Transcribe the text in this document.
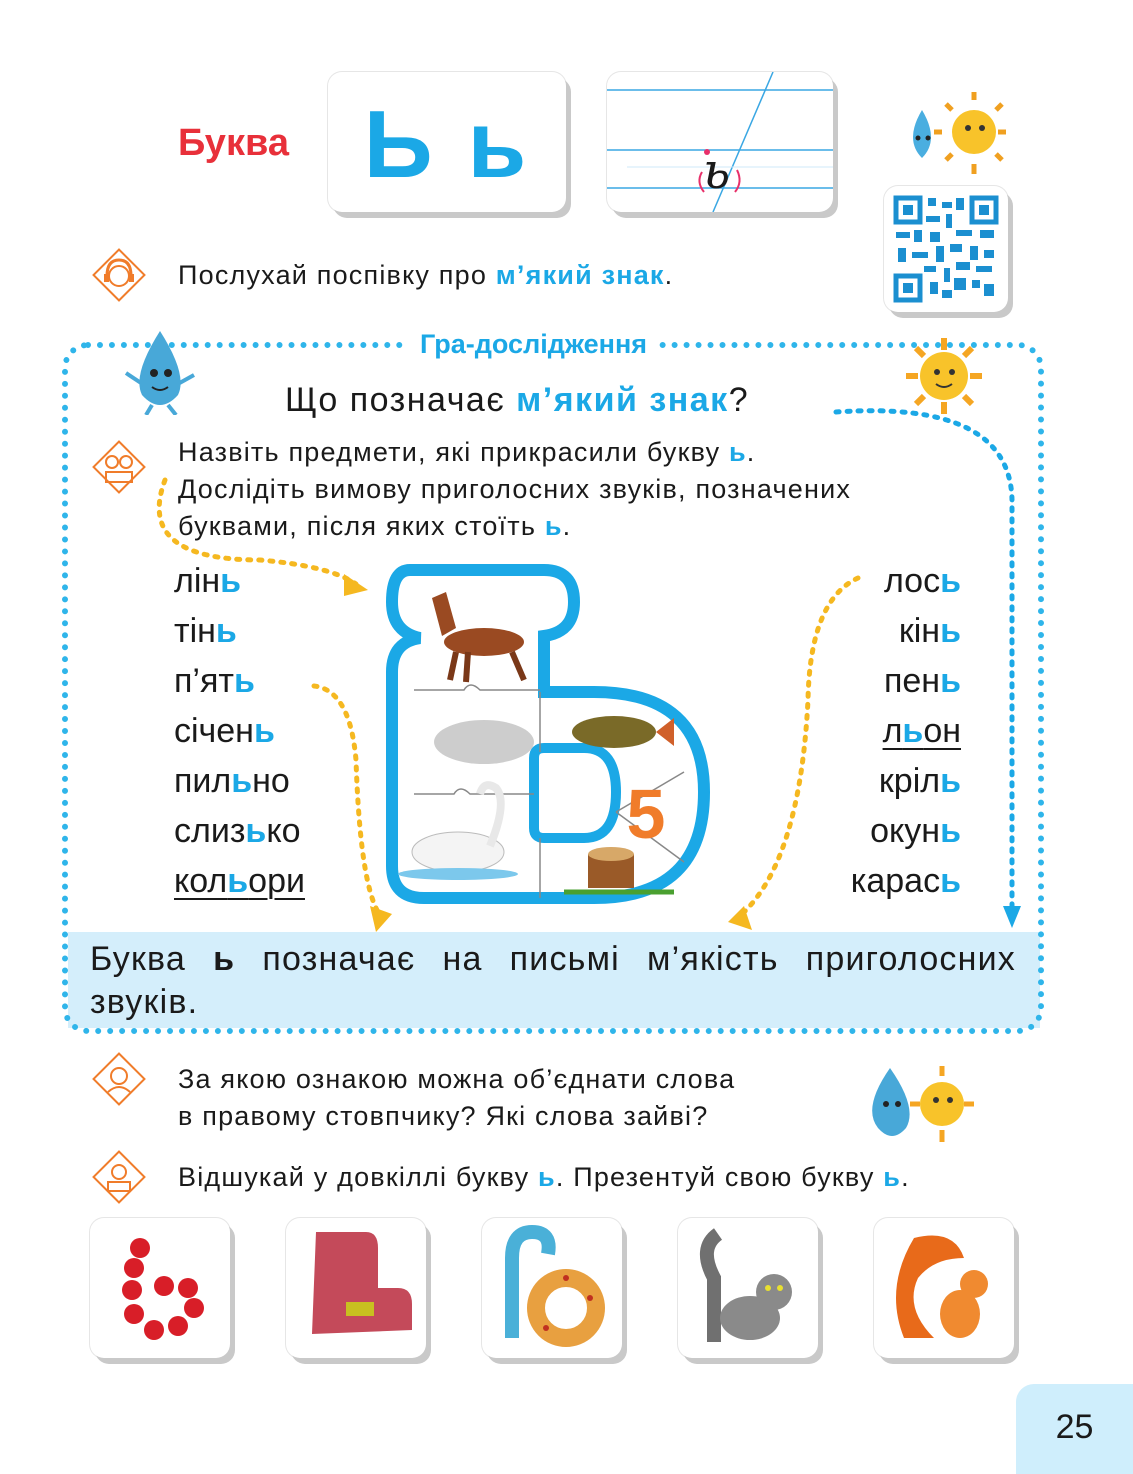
Буква Ь ь	ь
Послухай поспівку про м’який знак.
Гра-дослідження
Що позначає м’який знак?
Назвіть предмети, які прикрасили букву ь.
Дослідіть вимову приголосних звуків, позначених
буквами, після яких стоїть ь.
лінь
тінь
п’ять
січень
пильно
слизько
кольори
лось
кінь
пень
льон
кріль
окунь
карась
5
Буква ь позначає на письмі м’якість приголосних звуків.
За якою ознакою можна об’єднати слова
в правому стовпчику? Які слова зайві?
Відшукай у довкіллі букву ь. Презентуй свою букву ь.
25
